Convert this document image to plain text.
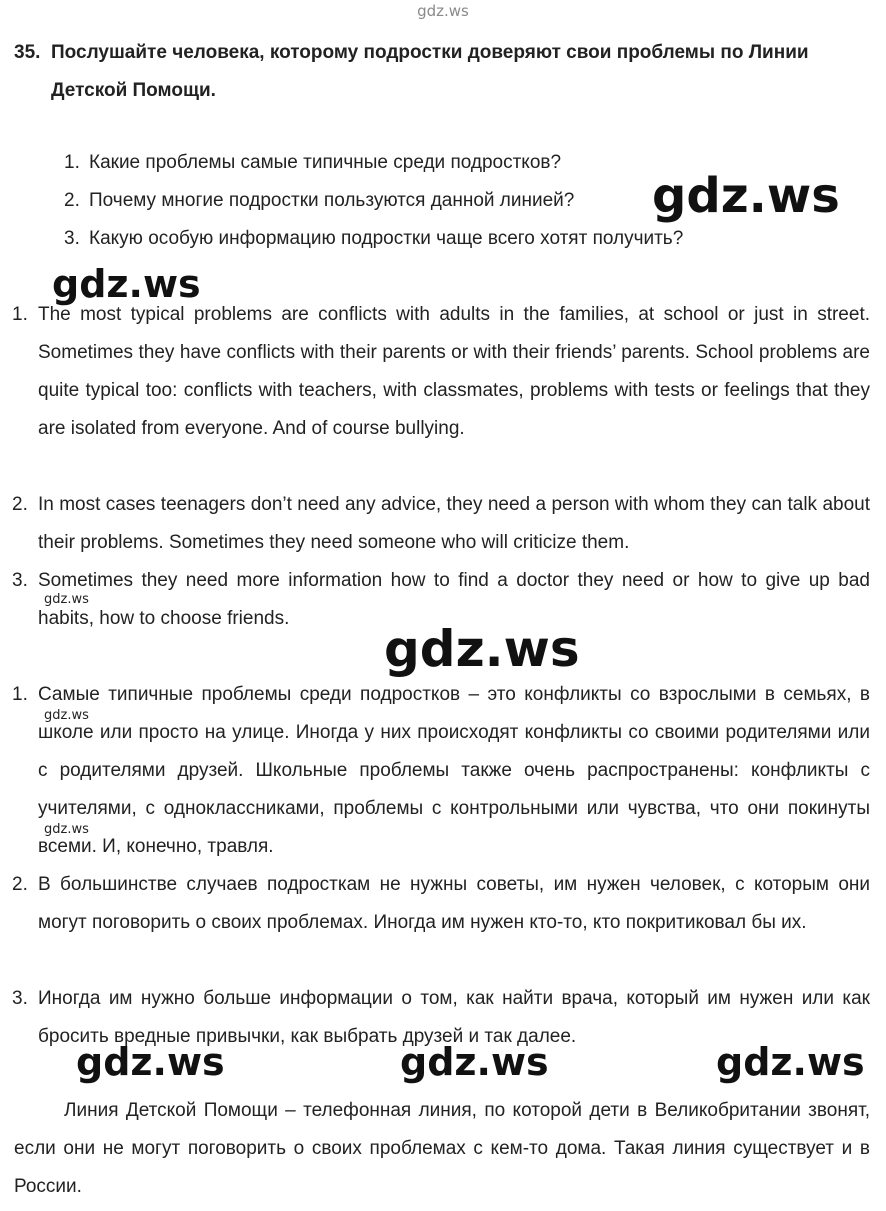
gdz.ws
35. Послушайте человека, которому подростки доверяют свои проблемы по Линии Детской Помощи.
1. Какие проблемы самые типичные среди подростков?
2. Почему многие подростки пользуются данной линией?
3. Какую особую информацию подростки чаще всего хотят получить?
gdz.ws
gdz.ws
1. The most typical problems are conflicts with adults in the families, at school or just in street. Sometimes they have conflicts with their parents or with their friends’ parents. School problems are quite typical too: conflicts with teachers, with classmates, problems with tests or feelings that they are isolated from everyone. And of course bullying.
2. In most cases teenagers don’t need any advice, they need a person with whom they can talk about their problems. Sometimes they need someone who will criticize them.
3. Sometimes they need more information how to find a doctor they need or how to give up bad habits, how to choose friends.
gdz.ws
gdz.ws
1. Самые типичные проблемы среди подростков – это конфликты со взрослыми в семьях, в школе или просто на улице. Иногда у них происходят конфликты со своими родителями или с родителями друзей. Школьные проблемы также очень распространены: конфликты с учителями, с одноклассниками, проблемы с контрольными или чувства, что они покинуты всеми. И, конечно, травля.
gdz.ws
gdz.ws
2. В большинстве случаев подросткам не нужны советы, им нужен человек, с которым они могут поговорить о своих проблемах. Иногда им нужен кто-то, кто покритиковал бы их.
3. Иногда им нужно больше информации о том, как найти врача, который им нужен или как бросить вредные привычки, как выбрать друзей и так далее.
gdz.ws	gdz.ws	gdz.ws
Линия Детской Помощи – телефонная линия, по которой дети в Великобритании звонят, если они не могут поговорить о своих проблемах с кем-то дома. Такая линия существует и в России.
